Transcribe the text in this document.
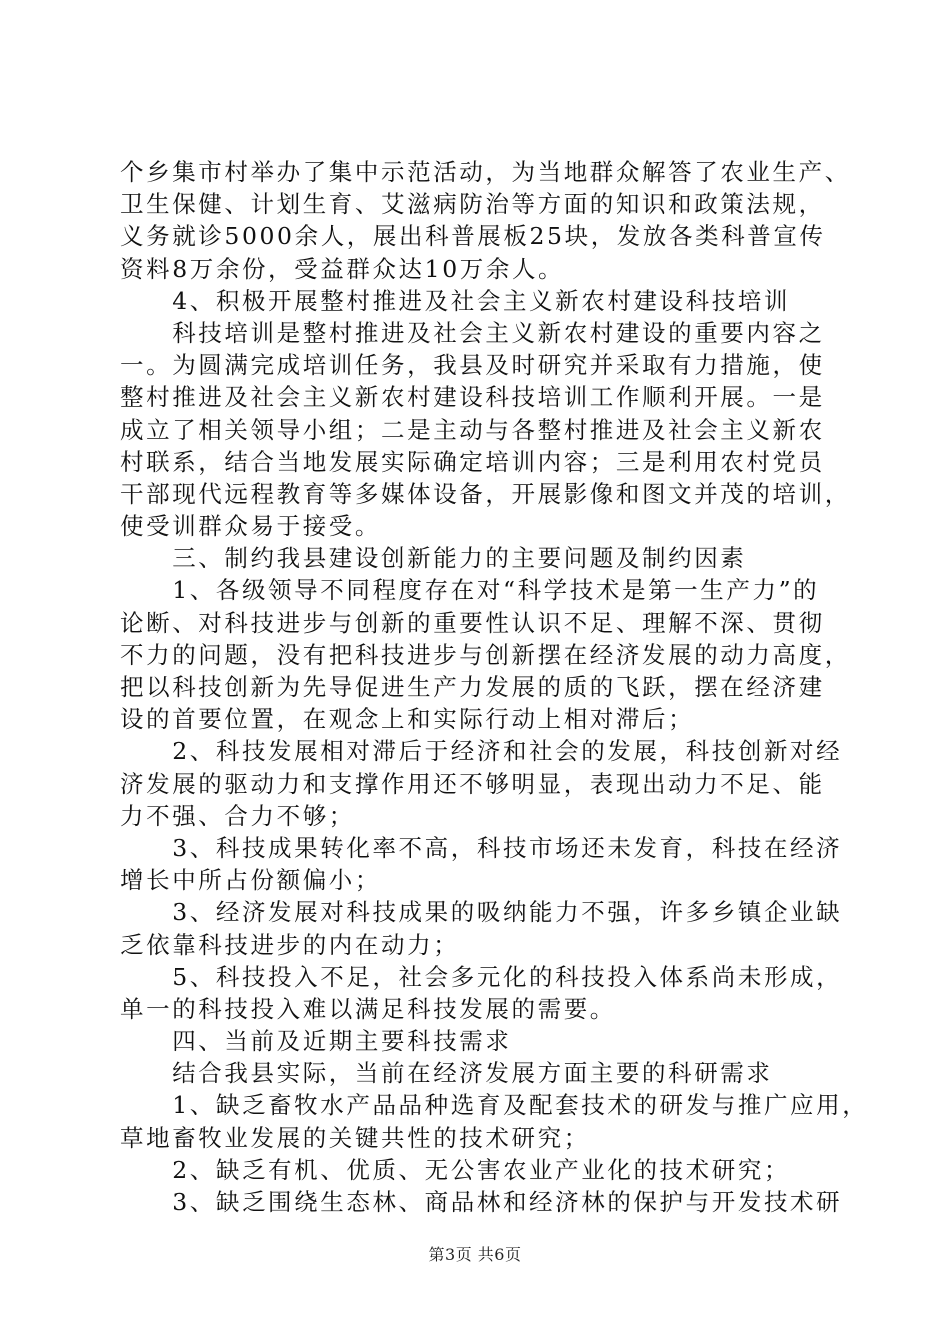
个乡集市村举办了集中示范活动，为当地群众解答了农业生产、
卫生保健、计划生育、艾滋病防治等方面的知识和政策法规，
义务就诊5000余人，展出科普展板25块，发放各类科普宣传
资料8万余份，受益群众达10万余人。
　　4、积极开展整村推进及社会主义新农村建设科技培训
　　科技培训是整村推进及社会主义新农村建设的重要内容之
一。为圆满完成培训任务，我县及时研究并采取有力措施，使
整村推进及社会主义新农村建设科技培训工作顺利开展。一是
成立了相关领导小组；二是主动与各整村推进及社会主义新农
村联系，结合当地发展实际确定培训内容；三是利用农村党员
干部现代远程教育等多媒体设备，开展影像和图文并茂的培训，
使受训群众易于接受。
　　三、制约我县建设创新能力的主要问题及制约因素
　　1、各级领导不同程度存在对“科学技术是第一生产力”的
论断、对科技进步与创新的重要性认识不足、理解不深、贯彻
不力的问题，没有把科技进步与创新摆在经济发展的动力高度，
把以科技创新为先导促进生产力发展的质的飞跃，摆在经济建
设的首要位置，在观念上和实际行动上相对滞后；
　　2、科技发展相对滞后于经济和社会的发展，科技创新对经
济发展的驱动力和支撑作用还不够明显，表现出动力不足、能
力不强、合力不够；
　　3、科技成果转化率不高，科技市场还未发育，科技在经济
增长中所占份额偏小；
　　3、经济发展对科技成果的吸纳能力不强，许多乡镇企业缺
乏依靠科技进步的内在动力；
　　5、科技投入不足，社会多元化的科技投入体系尚未形成，
单一的科技投入难以满足科技发展的需要。
　　四、当前及近期主要科技需求
　　结合我县实际，当前在经济发展方面主要的科研需求
　　1、缺乏畜牧水产品品种选育及配套技术的研发与推广应用，
草地畜牧业发展的关键共性的技术研究；
　　2、缺乏有机、优质、无公害农业产业化的技术研究；
　　3、缺乏围绕生态林、商品林和经济林的保护与开发技术研
第3页 共6页
